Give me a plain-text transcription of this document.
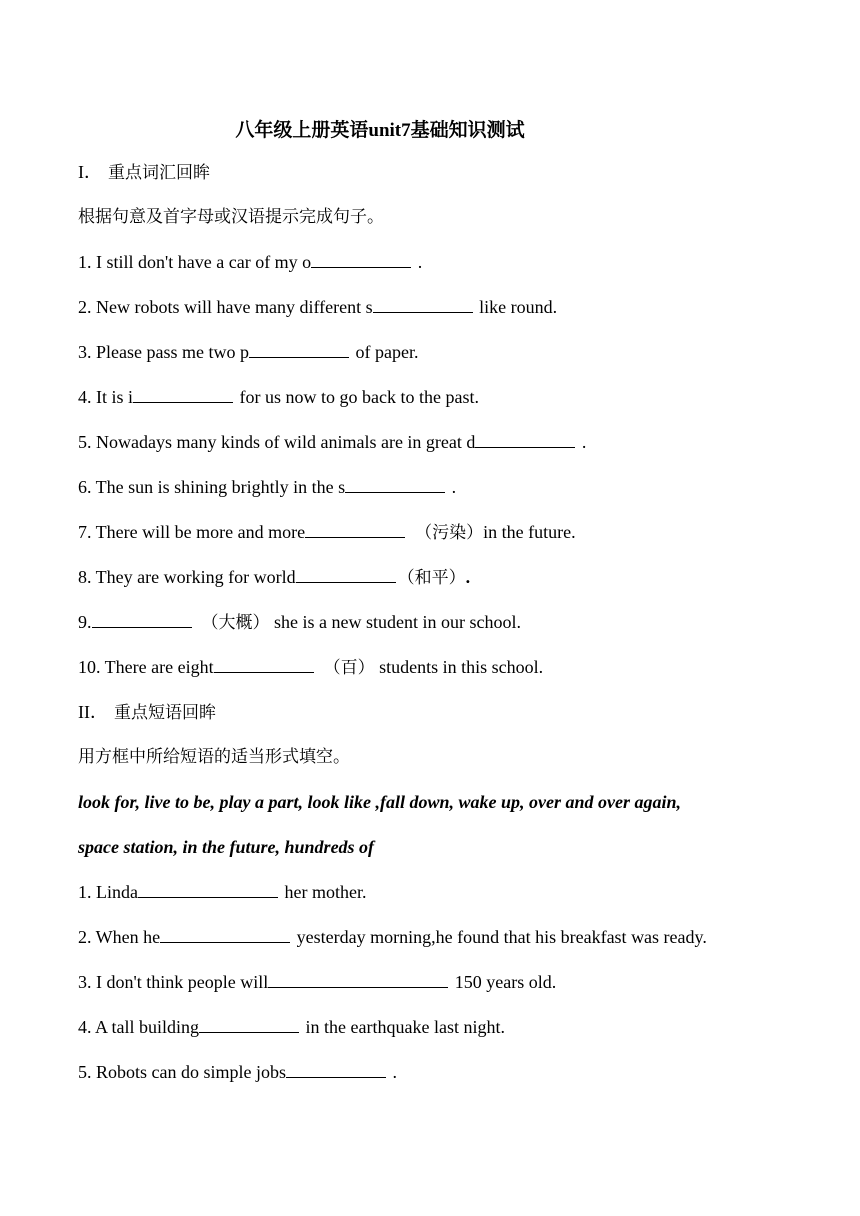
八年级上册英语unit7基础知识测试
I． 重点词汇回眸
根据句意及首字母或汉语提示完成句子。
1. I still don't have a car of my o	.
2. New robots will have many different s	like round.
3. Please pass me two p	of paper.
4. It is i	for us now to go back to the past.
5. Nowadays many kinds of wild animals are in great d	.
6. The sun is shining brightly in the s	.
7. There will be more and more	（污染）in the future.
8. They are working for world	（和平）.
9.	（大概） she is a new student in our school.
10. There are eight	（百） students in this school.
II． 重点短语回眸
用方框中所给短语的适当形式填空。
look for, live to be, play a part, look like ,fall down, wake up, over and over again,
space station, in the future, hundreds of
1. Linda	her mother.
2. When he	yesterday morning,he found that his breakfast was ready.
3. I don't think people will	150 years old.
4. A tall building	in the earthquake last night.
5. Robots can do simple jobs	.
